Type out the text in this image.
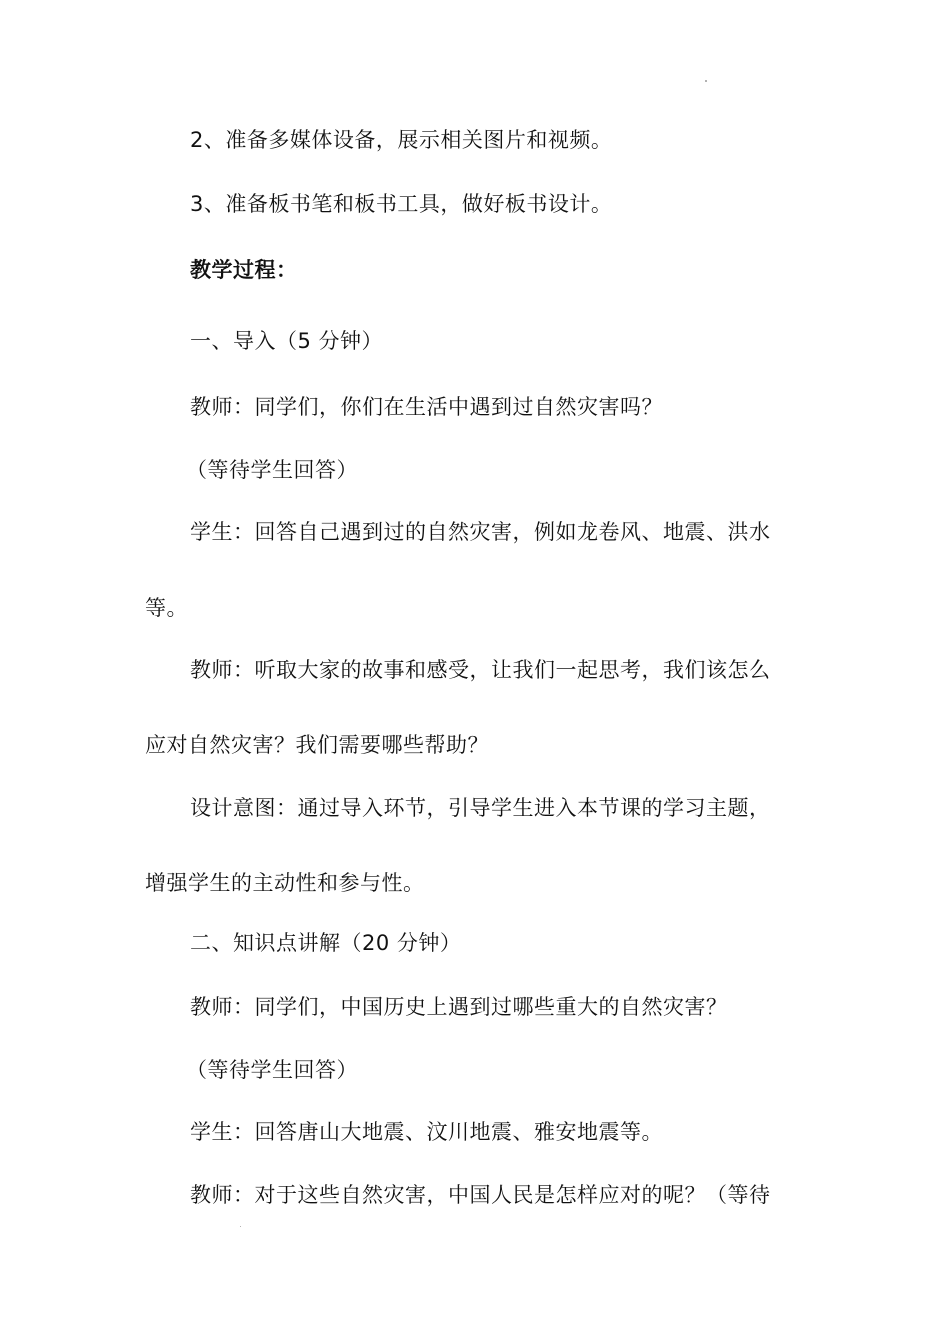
2、准备多媒体设备，展示相关图片和视频。
3、准备板书笔和板书工具，做好板书设计。
教学过程：
一、导入（5 分钟）
教师：同学们，你们在生活中遇到过自然灾害吗？
（等待学生回答）
学生：回答自己遇到过的自然灾害，例如龙卷风、地震、洪水
等。
教师：听取大家的故事和感受，让我们一起思考，我们该怎么
应对自然灾害？我们需要哪些帮助？
设计意图：通过导入环节，引导学生进入本节课的学习主题，
增强学生的主动性和参与性。
二、知识点讲解（20 分钟）
教师：同学们，中国历史上遇到过哪些重大的自然灾害？
（等待学生回答）
学生：回答唐山大地震、汶川地震、雅安地震等。
教师：对于这些自然灾害，中国人民是怎样应对的呢？（等待
